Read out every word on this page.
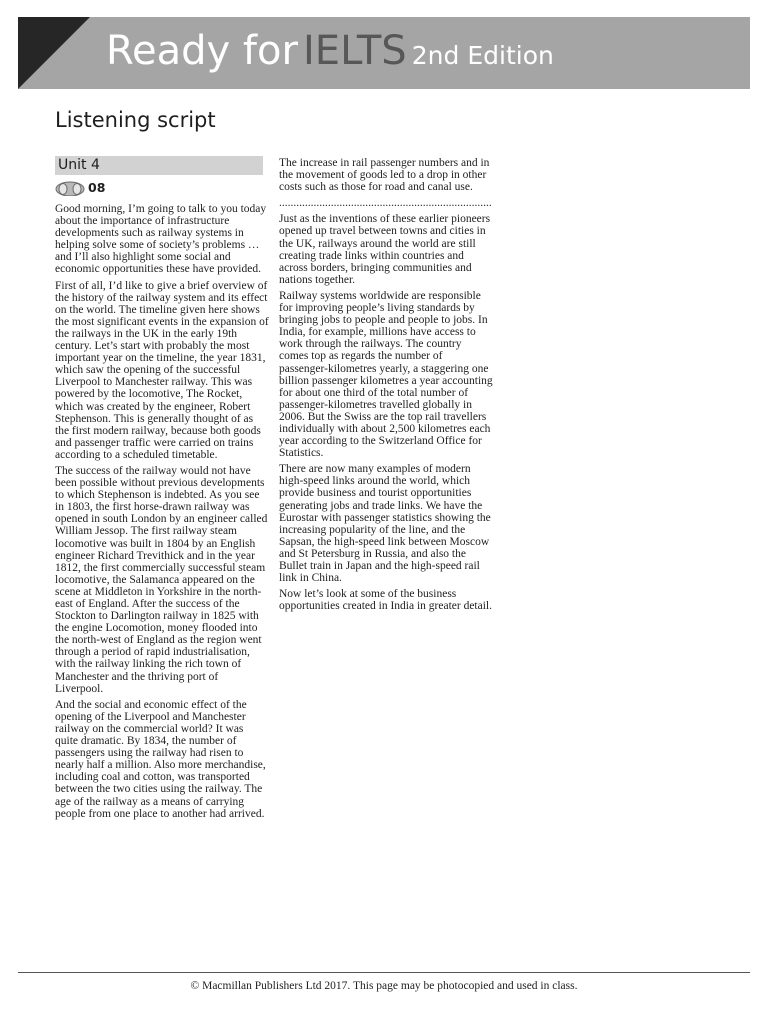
Ready for IELTS 2nd Edition
Listening script
Unit 4
08

Good morning, I’m going to talk to you today about the importance of infrastructure developments such as railway systems in helping solve some of society’s problems … and I’ll also highlight some social and economic opportunities these have provided.

First of all, I’d like to give a brief overview of the history of the railway system and its effect on the world. The timeline given here shows the most significant events in the expansion of the railways in the UK in the early 19th century. Let’s start with probably the most important year on the timeline, the year 1831, which saw the opening of the successful Liverpool to Manchester railway. This was powered by the locomotive, The Rocket, which was created by the engineer, Robert Stephenson. This is generally thought of as the first modern railway, because both goods and passenger traffic were carried on trains according to a scheduled timetable.

The success of the railway would not have been possible without previous developments to which Stephenson is indebted. As you see in 1803, the first horse-drawn railway was opened in south London by an engineer called William Jessop. The first railway steam locomotive was built in 1804 by an English engineer Richard Trevithick and in the year 1812, the first commercially successful steam locomotive, the Salamanca appeared on the scene at Middleton in Yorkshire in the north-east of England. After the success of the Stockton to Darlington railway in 1825 with the engine Locomotion, money flooded into the north-west of England as the region went through a period of rapid industrialisation, with the railway linking the rich town of Manchester and the thriving port of Liverpool.

And the social and economic effect of the opening of the Liverpool and Manchester railway on the commercial world? It was quite dramatic. By 1834, the number of passengers using the railway had risen to nearly half a million. Also more merchandise, including coal and cotton, was transported between the two cities using the railway. The age of the railway as a means of carrying people from one place to another had arrived.

The increase in rail passenger numbers and in the movement of goods led to a drop in other costs such as those for road and canal use.

..........................................................................

Just as the inventions of these earlier pioneers opened up travel between towns and cities in the UK, railways around the world are still creating trade links within countries and across borders, bringing communities and nations together.

Railway systems worldwide are responsible for improving people’s living standards by bringing jobs to people and people to jobs. In India, for example, millions have access to work through the railways. The country comes top as regards the number of passenger-kilometres yearly, a staggering one billion passenger kilometres a year accounting for about one third of the total number of passenger-kilometres travelled globally in 2006. But the Swiss are the top rail travellers individually with about 2,500 kilometres each year according to the Switzerland Office for Statistics.

There are now many examples of modern high-speed links around the world, which provide business and tourist opportunities generating jobs and trade links. We have the Eurostar with passenger statistics showing the increasing popularity of the line, and the Sapsan, the high-speed link between Moscow and St Petersburg in Russia, and also the Bullet train in Japan and the high-speed rail link in China.

Now let’s look at some of the business opportunities created in India in greater detail.

© Macmillan Publishers Ltd 2017. This page may be photocopied and used in class.
